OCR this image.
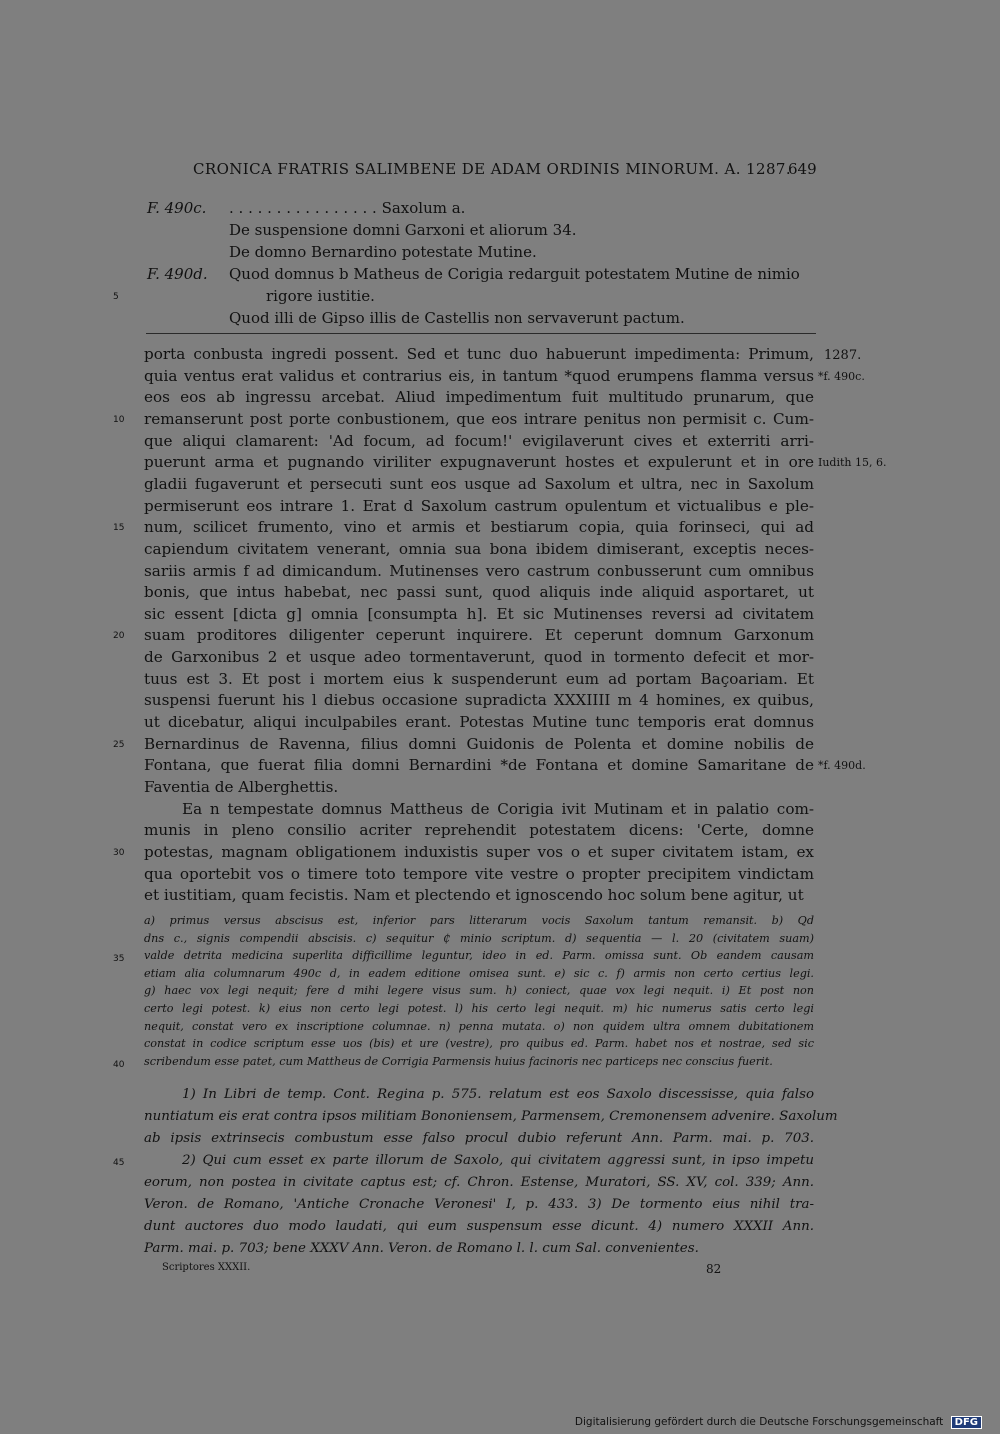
CRONICA FRATRIS SALIMBENE DE ADAM ORDINIS MINORUM. A. 1287.
649
F. 490c. . . . . . . . . . . . . . . . . Saxolum a.
De suspensione domni Garxoni et aliorum 34.
De domno Bernardino potestate Mutine.
F. 490d. Quod domnus b Matheus de Corigia redarguit potestatem Mutine de nimio
5	rigore iustitie.
Quod illi de Gipso illis de Castellis non servaverunt pactum.
porta conbusta ingredi possent. Sed et tunc duo habuerunt impedimenta: Primum,
quia ventus erat validus et contrarius eis, in tantum *quod erumpens flamma versus
eos eos ab ingressu arcebat. Aliud impedimentum fuit multitudo prunarum, que
remanserunt post porte conbustionem, que eos intrare penitus non permisit c. Cum-
que aliqui clamarent: 'Ad focum, ad focum!' evigilaverunt cives et exterriti arri-
puerunt arma et pugnando viriliter expugnaverunt hostes et expulerunt et in ore
gladii fugaverunt et persecuti sunt eos usque ad Saxolum et ultra, nec in Saxolum
permiserunt eos intrare 1. Erat d Saxolum castrum opulentum et victualibus e ple-
num, scilicet frumento, vino et armis et bestiarum copia, quia forinseci, qui ad
capiendum civitatem venerant, omnia sua bona ibidem dimiserant, exceptis neces-
sariis armis f ad dimicandum. Mutinenses vero castrum conbusserunt cum omnibus
bonis, que intus habebat, nec passi sunt, quod aliquis inde aliquid asportaret, ut
sic essent [dicta g] omnia [consumpta h]. Et sic Mutinenses reversi ad civitatem
suam proditores diligenter ceperunt inquirere. Et ceperunt domnum Garxonum
de Garxonibus 2 et usque adeo tormentaverunt, quod in tormento defecit et mor-
tuus est 3. Et post i mortem eius k suspenderunt eum ad portam Baçoariam. Et
suspensi fuerunt his l diebus occasione supradicta XXXIIII m 4 homines, ex quibus,
ut dicebatur, aliqui inculpabiles erant. Potestas Mutine tunc temporis erat domnus
Bernardinus de Ravenna, filius domni Guidonis de Polenta et domine nobilis de
Fontana, que fuerat filia domni Bernardini *de Fontana et domine Samaritane de
Faventia de Alberghettis.
Ea n tempestate domnus Mattheus de Corigia ivit Mutinam et in palatio com-
munis in pleno consilio acriter reprehendit potestatem dicens: 'Certe, domne
potestas, magnam obligationem induxistis super vos o et super civitatem istam, ex
qua oportebit vos o timere toto tempore vite vestre o propter precipitem vindictam
et iustitiam, quam fecistis. Nam et plectendo et ignoscendo hoc solum bene agitur, ut
1287.
*f. 490c.
Iudith 15, 6.
*f. 490d.
a) primus versus abscisus est, inferior pars litterarum vocis Saxolum tantum remansit. b) Qd
dns c., signis compendii abscisis. c) sequitur ₵ minio scriptum. d) sequentia — l. 20 (civitatem suam)
valde detrita medicina superlita difficillime leguntur, ideo in ed. Parm. omissa sunt. Ob eandem causam
etiam alia columnarum 490c d, in eadem editione omisea sunt. e) sic c. f) armis non certo certius legi.
g) haec vox legi nequit; fere d mihi legere visus sum. h) coniect, quae vox legi nequit. i) Et post non
certo legi potest. k) eius non certo legi potest. l) his certo legi nequit. m) hic numerus satis certo legi
nequit, constat vero ex inscriptione columnae. n) penna mutata. o) non quidem ultra omnem dubitationem
constat in codice scriptum esse uos (bis) et ure (vestre), pro quibus ed. Parm. habet nos et nostrae, sed sic
scribendum esse patet, cum Mattheus de Corrigia Parmensis huius facinoris nec particeps nec conscius fuerit.
1) In Libri de temp. Cont. Regina p. 575. relatum est eos Saxolo discessisse, quia falso
nuntiatum eis erat contra ipsos militiam Bononiensem, Parmensem, Cremonensem advenire. Saxolum
ab ipsis extrinsecis combustum esse falso procul dubio referunt Ann. Parm. mai. p. 703.
2) Qui cum esset ex parte illorum de Saxolo, qui civitatem aggressi sunt, in ipso impetu
eorum, non postea in civitate captus est; cf. Chron. Estense, Muratori, SS. XV, col. 339; Ann.
Veron. de Romano, 'Antiche Cronache Veronesi' I, p. 433. 3) De tormento eius nihil tra-
dunt auctores duo modo laudati, qui eum suspensum esse dicunt. 4) numero XXXII Ann.
Parm. mai. p. 703; bene XXXV Ann. Veron. de Romano l. l. cum Sal. convenientes.
Scriptores XXXII.	82
Digitalisierung gefördert durch die Deutsche Forschungsgemeinschaft DFG
10
15
20
25
30
35
40
45
